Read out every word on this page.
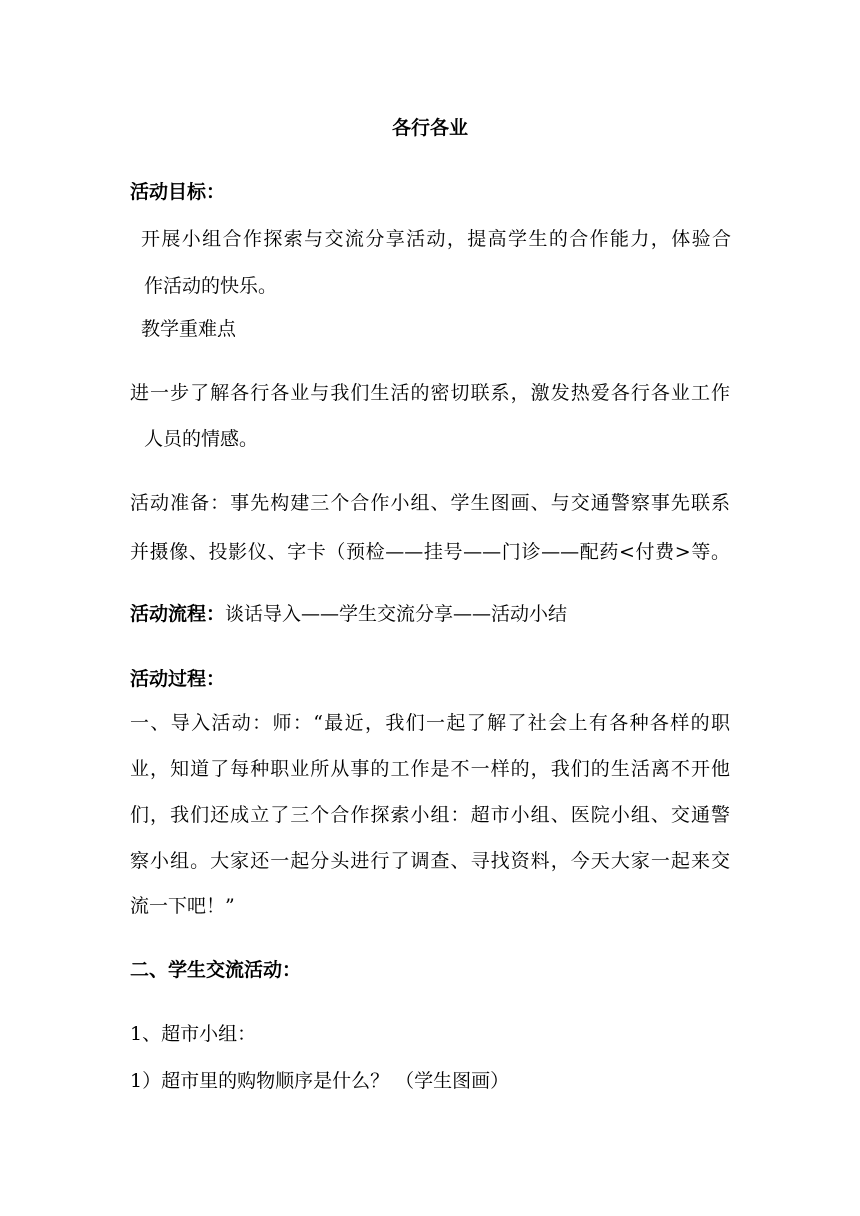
各行各业
活动目标：
开展小组合作探索与交流分享活动，提高学生的合作能力，体验合
作活动的快乐。
教学重难点
进一步了解各行各业与我们生活的密切联系，激发热爱各行各业工作
人员的情感。
活动准备：事先构建三个合作小组、学生图画、与交通警察事先联系
并摄像、投影仪、字卡（预检——挂号——门诊——配药<付费>等。
活动流程：谈话导入——学生交流分享——活动小结
活动过程：
一、导入活动：师：“最近，我们一起了解了社会上有各种各样的职
业，知道了每种职业所从事的工作是不一样的，我们的生活离不开他
们，我们还成立了三个合作探索小组：超市小组、医院小组、交通警
察小组。大家还一起分头进行了调查、寻找资料，今天大家一起来交
流一下吧！”
二、学生交流活动：
1、超市小组：
1）超市里的购物顺序是什么？ （学生图画）
